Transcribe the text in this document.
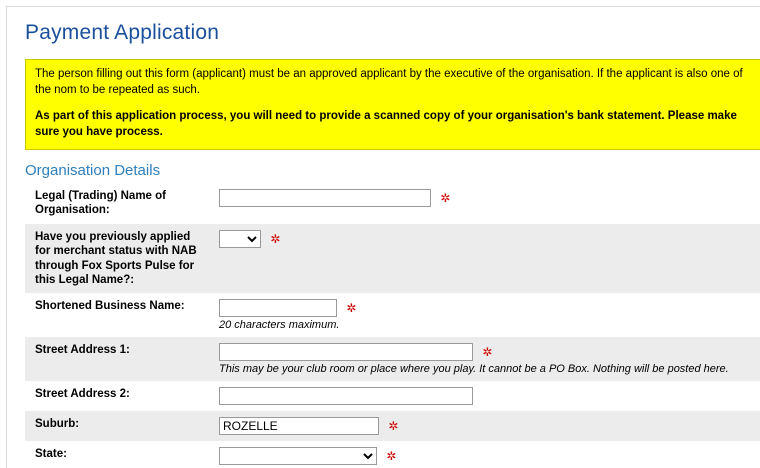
Payment Application

The person filling out this form (applicant) must be an approved applicant by the executive of the organisation. If the applicant is also one of the nom to be repeated as such.

As part of this application process, you will need to provide a scanned copy of your organisation's bank statement. Please make sure you have process.

Organisation Details
Legal (Trading) Name of Organisation:	✲
Have you previously applied for merchant status with NAB through Fox Sports Pulse for this Legal Name?:	✲
Shortened Business Name:	✲
20 characters maximum.

Street Address 1:	✲
This may be your club room or place where you play. It cannot be a PO Box. Nothing will be posted here.

Street Address 2:	
Suburb:	ROZELLE✲
State:	✲
